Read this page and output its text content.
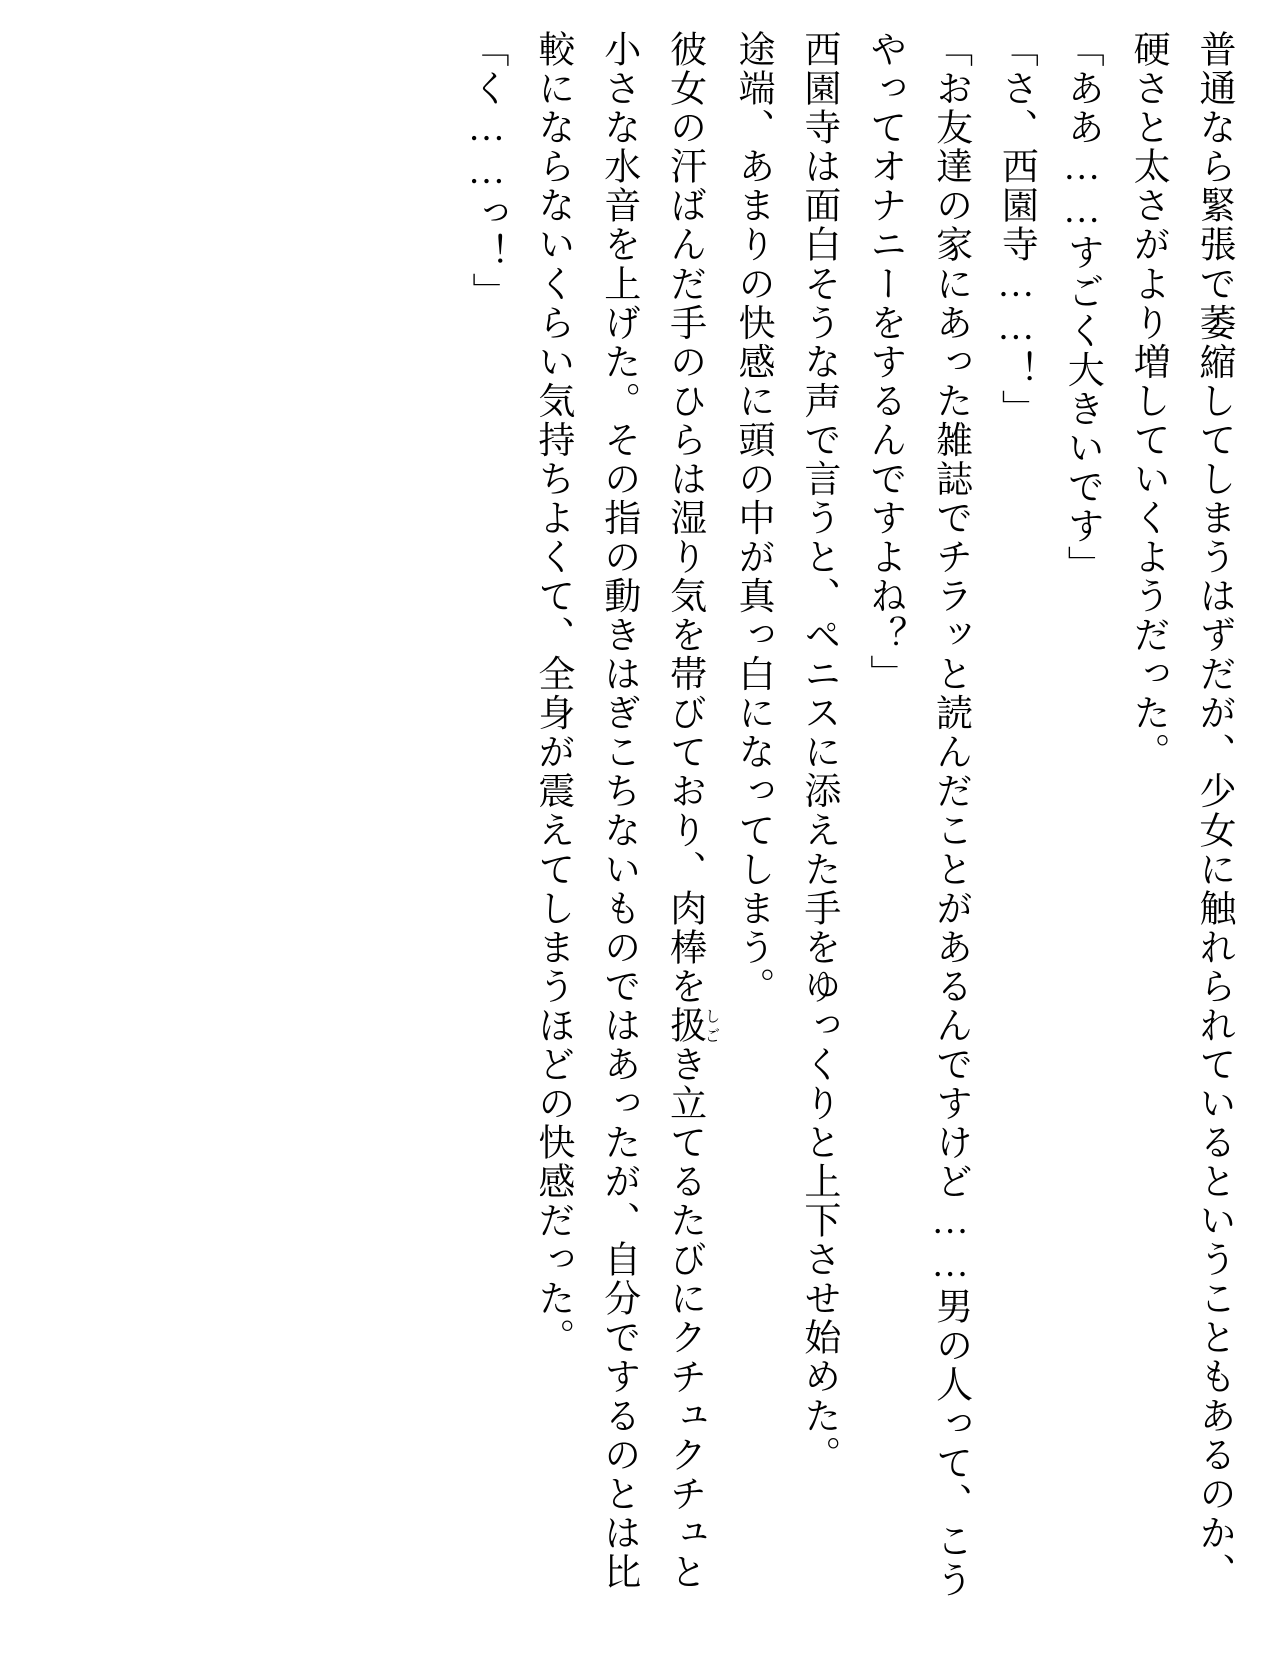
普通なら緊張で萎縮してしまうはずだが、少女に触れられているということもあるのか、硬さと太さがより増していくようだった。

「ああ……すごく大きいです」

「さ、西園寺……！」

「お友達の家にあった雑誌でチラッと読んだことがあるんですけど……男の人って、こうやってオナニーをするんですよね？」

西園寺は面白そうな声で言うと、ペニスに添えた手をゆっくりと上下させ始めた。

途端、あまりの快感に頭の中が真っ白になってしまう。

彼女の汗ばんだ手のひらは湿り気を帯びており、肉棒を扱しごき立てるたびにクチュクチュと小さな水音を上げた。その指の動きはぎこちないものではあったが、自分でするのとは比較にならないくらい気持ちよくて、全身が震えてしまうほどの快感だった。

「く……っ！」
